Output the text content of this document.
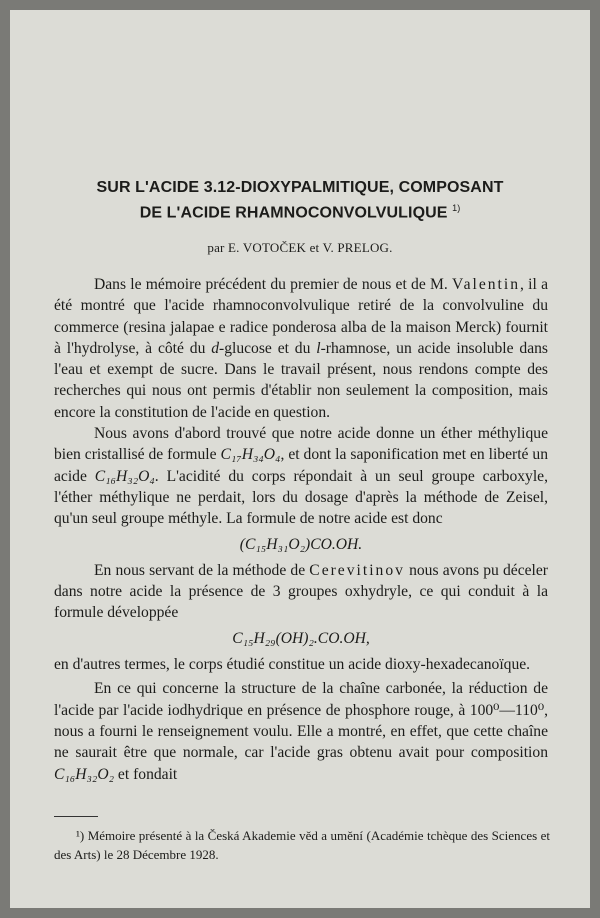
SUR L'ACIDE 3.12-DIOXYPALMITIQUE, COMPOSANT
DE L'ACIDE RHAMNOCONVOLVULIQUE $^{1)}$
par E. VOTOČEK et V. PRELOG.

Dans le mémoire précédent du premier de nous et de M. Valentin, il a été montré que l'acide rhamnoconvolvulique retiré de la convolvuline du commerce (resina jalapae e radice ponderosa alba de la maison Merck) fournit à l'hydrolyse, à côté du d-glucose et du l-rhamnose, un acide insoluble dans l'eau et exempt de sucre. Dans le travail présent, nous rendons compte des recherches qui nous ont permis d'établir non seulement la composition, mais encore la constitution de l'acide en question.

Nous avons d'abord trouvé que notre acide donne un éther méthylique bien cristallisé de formule C₁₇H₃₄O₄, et dont la saponification met en liberté un acide C₁₆H₃₂O₄. L'acidité du corps répondait à un seul groupe carboxyle, l'éther méthylique ne perdait, lors du dosage d'après la méthode de Zeisel, qu'un seul groupe méthyle. La formule de notre acide est donc

(C₁₅H₃₁O₂)CO.OH.

En nous servant de la méthode de Cerevitinov nous avons pu déceler dans notre acide la présence de 3 groupes oxhydryle, ce qui conduit à la formule développée

C₁₅H₂₉(OH)₂.CO.OH,

en d'autres termes, le corps étudié constitue un acide dioxy-hexadecanoïque.

En ce qui concerne la structure de la chaîne carbonée, la réduction de l'acide par l'acide iodhydrique en présence de phosphore rouge, à 100⁰—110⁰, nous a fourni le renseignement voulu. Elle a montré, en effet, que cette chaîne ne saurait être que normale, car l'acide gras obtenu avait pour composition C₁₆H₃₂O₂ et fondait

¹) Mémoire présenté à la Česká Akademie věd a umění (Académie tchèque des Sciences et des Arts) le 28 Décembre 1928.
